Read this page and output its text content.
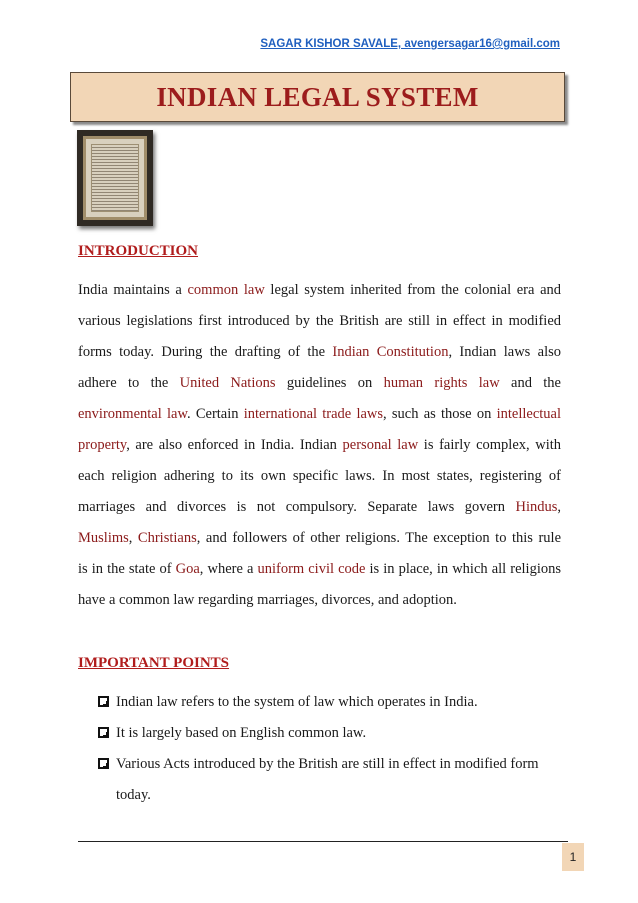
SAGAR KISHOR SAVALE, avengersagar16@gmail.com
INDIAN LEGAL SYSTEM
INTRODUCTION
India maintains a common law legal system inherited from the colonial era and
various legislations first introduced by the British are still in effect in modified
forms today. During the drafting of the Indian Constitution, Indian laws also
adhere to the United Nations guidelines on human rights law and the
environmental law. Certain international trade laws, such as those on intellectual
property, are also enforced in India. Indian personal law is fairly complex, with
each religion adhering to its own specific laws. In most states, registering of
marriages and divorces is not compulsory. Separate laws govern Hindus,
Muslims, Christians, and followers of other religions. The exception to this rule
is in the state of Goa, where a uniform civil code is in place, in which all religions
have a common law regarding marriages, divorces, and adoption.
IMPORTANT POINTS
Indian law refers to the system of law which operates in India.
It is largely based on English common law.
Various Acts introduced by the British are still in effect in modified form
today.
1
